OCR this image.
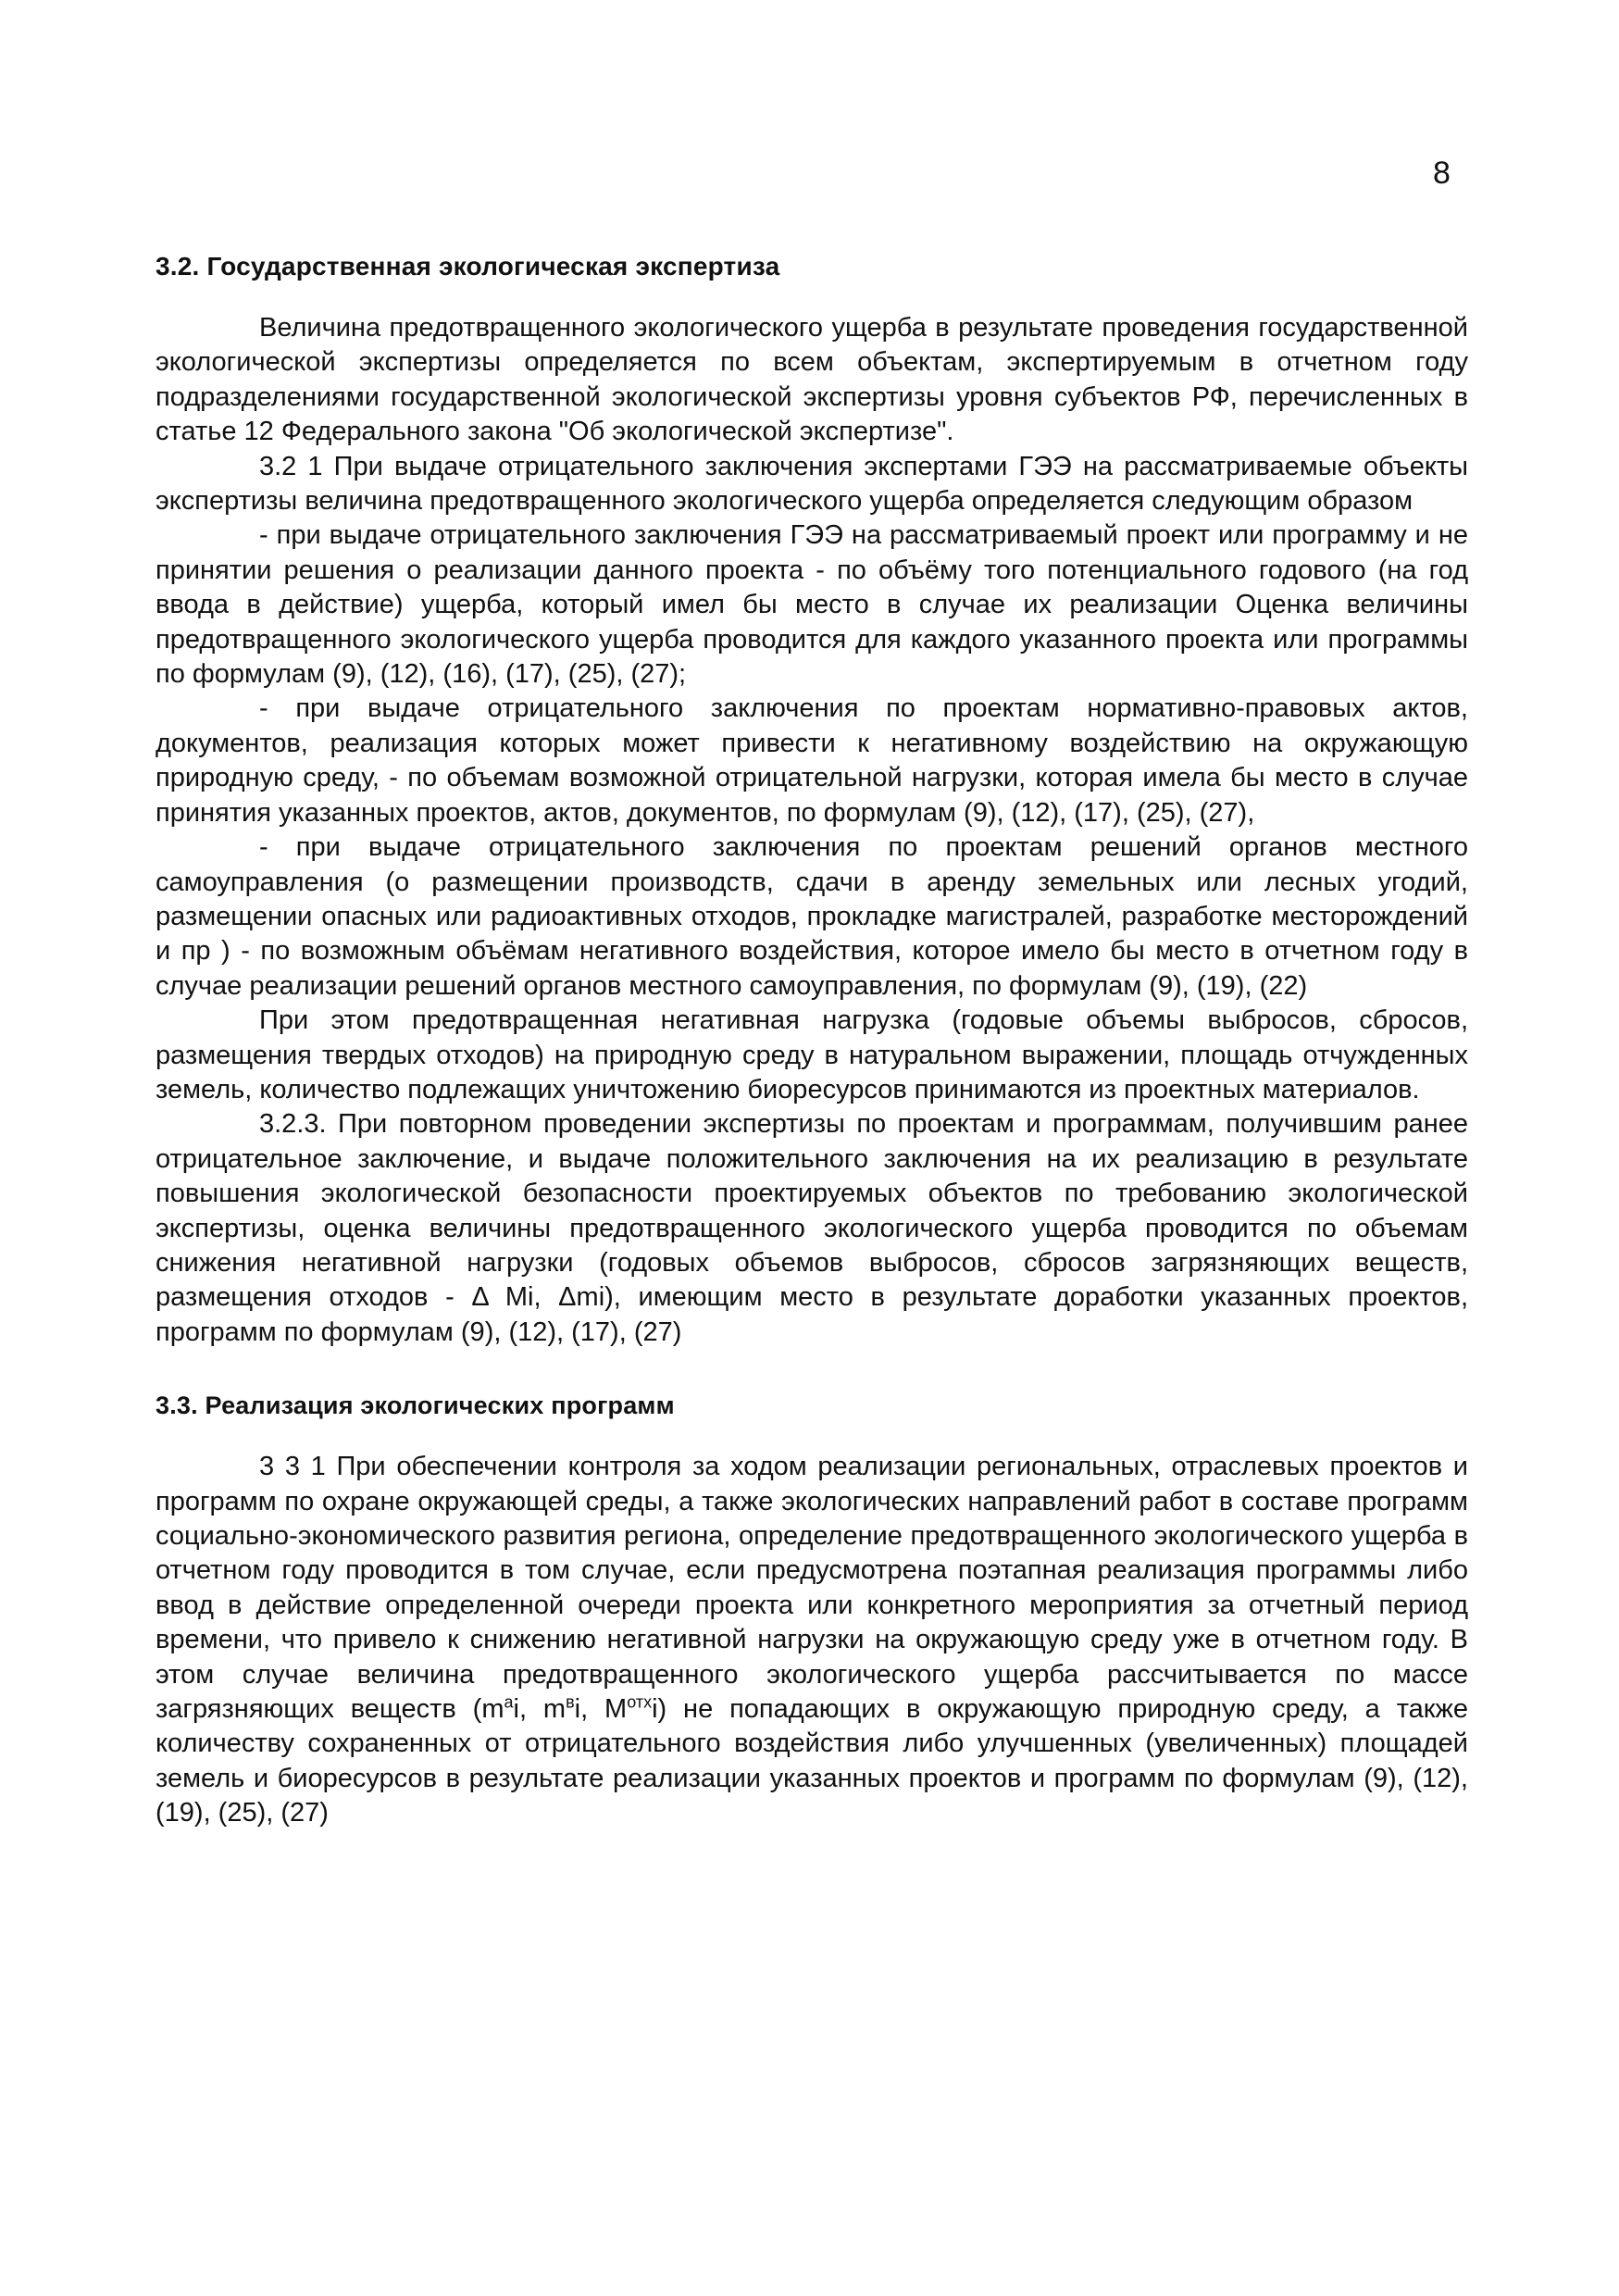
8
3.2. Государственная экологическая экспертиза

Величина предотвращенного экологического ущерба в результате проведения государственной экологической экспертизы определяется по всем объектам, экспертируемым в отчетном году подразделениями государственной экологической экспертизы уровня субъектов РФ, перечисленных в статье 12 Федерального закона "Об экологической экспертизе".

3.2 1 При выдаче отрицательного заключения экспертами ГЭЭ на рассматриваемые объекты экспертизы величина предотвращенного экологического ущерба определяется следующим образом

- при выдаче отрицательного заключения ГЭЭ на рассматриваемый проект или программу и не принятии решения о реализации данного проекта - по объёму того потенциального годового (на год ввода в действие) ущерба, который имел бы место в случае их реализации Оценка величины предотвращенного экологического ущерба проводится для каждого указанного проекта или программы по формулам (9), (12), (16), (17), (25), (27);

- при выдаче отрицательного заключения по проектам нормативно-правовых актов, документов, реализация которых может привести к негативному воздействию на окружающую природную среду, - по объемам возможной отрицательной нагрузки, которая имела бы место в случае принятия указанных проектов, актов, документов, по формулам (9), (12), (17), (25), (27),

- при выдаче отрицательного заключения по проектам решений органов местного самоуправления (о размещении производств, сдачи в аренду земельных или лесных угодий, размещении опасных или радиоактивных отходов, прокладке магистралей, разработке месторождений и пр ) - по возможным объёмам негативного воздействия, которое имело бы место в отчетном году в случае реализации решений органов местного самоуправления, по формулам (9), (19), (22)

При этом предотвращенная негативная нагрузка (годовые объемы выбросов, сбросов, размещения твердых отходов) на природную среду в натуральном выражении, площадь отчужденных земель, количество подлежащих уничтожению биоресурсов принимаются из проектных материалов.

3.2.3. При повторном проведении экспертизы по проектам и программам, получившим ранее отрицательное заключение, и выдаче положительного заключения на их реализацию в результате повышения экологической безопасности проектируемых объектов по требованию экологической экспертизы, оценка величины предотвращенного экологического ущерба проводится по объемам снижения негативной нагрузки (годовых объемов выбросов, сбросов загрязняющих веществ, размещения отходов - Δ Mi, Δmi), имеющим место в результате доработки указанных проектов, программ по формулам (9), (12), (17), (27)

3.3. Реализация экологических программ

3 3 1 При обеспечении контроля за ходом реализации региональных, отраслевых проектов и программ по охране окружающей среды, а также экологических направлений работ в составе программ социально-экономического развития региона, определение предотвращенного экологического ущерба в отчетном году проводится в том случае, если предусмотрена поэтапная реализация программы либо ввод в действие определенной очереди проекта или конкретного мероприятия за отчетный период времени, что привело к снижению негативной нагрузки на окружающую среду уже в отчетном году. В этом случае величина предотвращенного экологического ущерба рассчитывается по массе загрязняющих веществ ($m^ai$, $m^вi$, $M^{отх}i$) не попадающих в окружающую природную среду, а также количеству сохраненных от отрицательного воздействия либо улучшенных (увеличенных) площадей земель и биоресурсов в результате реализации указанных проектов и программ по формулам (9), (12), (19), (25), (27)
